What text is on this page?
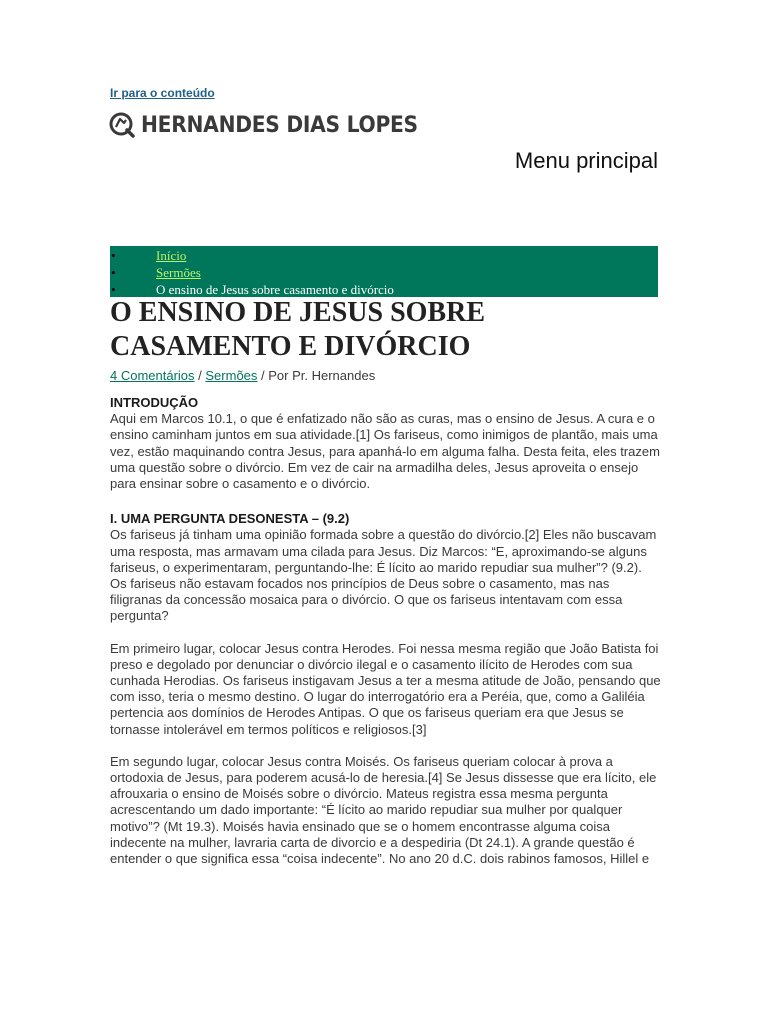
Ir para o conteúdo
HERNANDES DIAS LOPES
Menu principal
•	Início
•	Sermões
•	O ensino de Jesus sobre casamento e divórcio
O ENSINO DE JESUS SOBRE CASAMENTO E DIVÓRCIO
4 Comentários / Sermões / Por Pr. Hernandes
INTRODUÇÃO

Aqui em Marcos 10.1, o que é enfatizado não são as curas, mas o ensino de Jesus. A cura e o ensino caminham juntos em sua atividade.[1] Os fariseus, como inimigos de plantão, mais uma vez, estão maquinando contra Jesus, para apanhá-lo em alguma falha. Desta feita, eles trazem uma questão sobre o divórcio. Em vez de cair na armadilha deles, Jesus aproveita o ensejo para ensinar sobre o casamento e o divórcio.

I. UMA PERGUNTA DESONESTA – (9.2)

Os fariseus já tinham uma opinião formada sobre a questão do divórcio.[2] Eles não buscavam uma resposta, mas armavam uma cilada para Jesus. Diz Marcos: “E, aproximando-se alguns fariseus, o experimentaram, perguntando-lhe: É lícito ao marido repudiar sua mulher”? (9.2). Os fariseus não estavam focados nos princípios de Deus sobre o casamento, mas nas filigranas da concessão mosaica para o divórcio. O que os fariseus intentavam com essa pergunta?

Em primeiro lugar, colocar Jesus contra Herodes. Foi nessa mesma região que João Batista foi preso e degolado por denunciar o divórcio ilegal e o casamento ilícito de Herodes com sua cunhada Herodias. Os fariseus instigavam Jesus a ter a mesma atitude de João, pensando que com isso, teria o mesmo destino. O lugar do interrogatório era a Peréia, que, como a Galiléia pertencia aos domínios de Herodes Antipas. O que os fariseus queriam era que Jesus se tornasse intolerável em termos políticos e religiosos.[3]

Em segundo lugar, colocar Jesus contra Moisés. Os fariseus queriam colocar à prova a ortodoxia de Jesus, para poderem acusá-lo de heresia.[4] Se Jesus dissesse que era lícito, ele afrouxaria o ensino de Moisés sobre o divórcio. Mateus registra essa mesma pergunta acrescentando um dado importante: “É lícito ao marido repudiar sua mulher por qualquer motivo”? (Mt 19.3). Moisés havia ensinado que se o homem encontrasse alguma coisa indecente na mulher, lavraria carta de divorcio e a despediria (Dt 24.1). A grande questão é entender o que significa essa “coisa indecente”. No ano 20 d.C. dois rabinos famosos, Hillel e
